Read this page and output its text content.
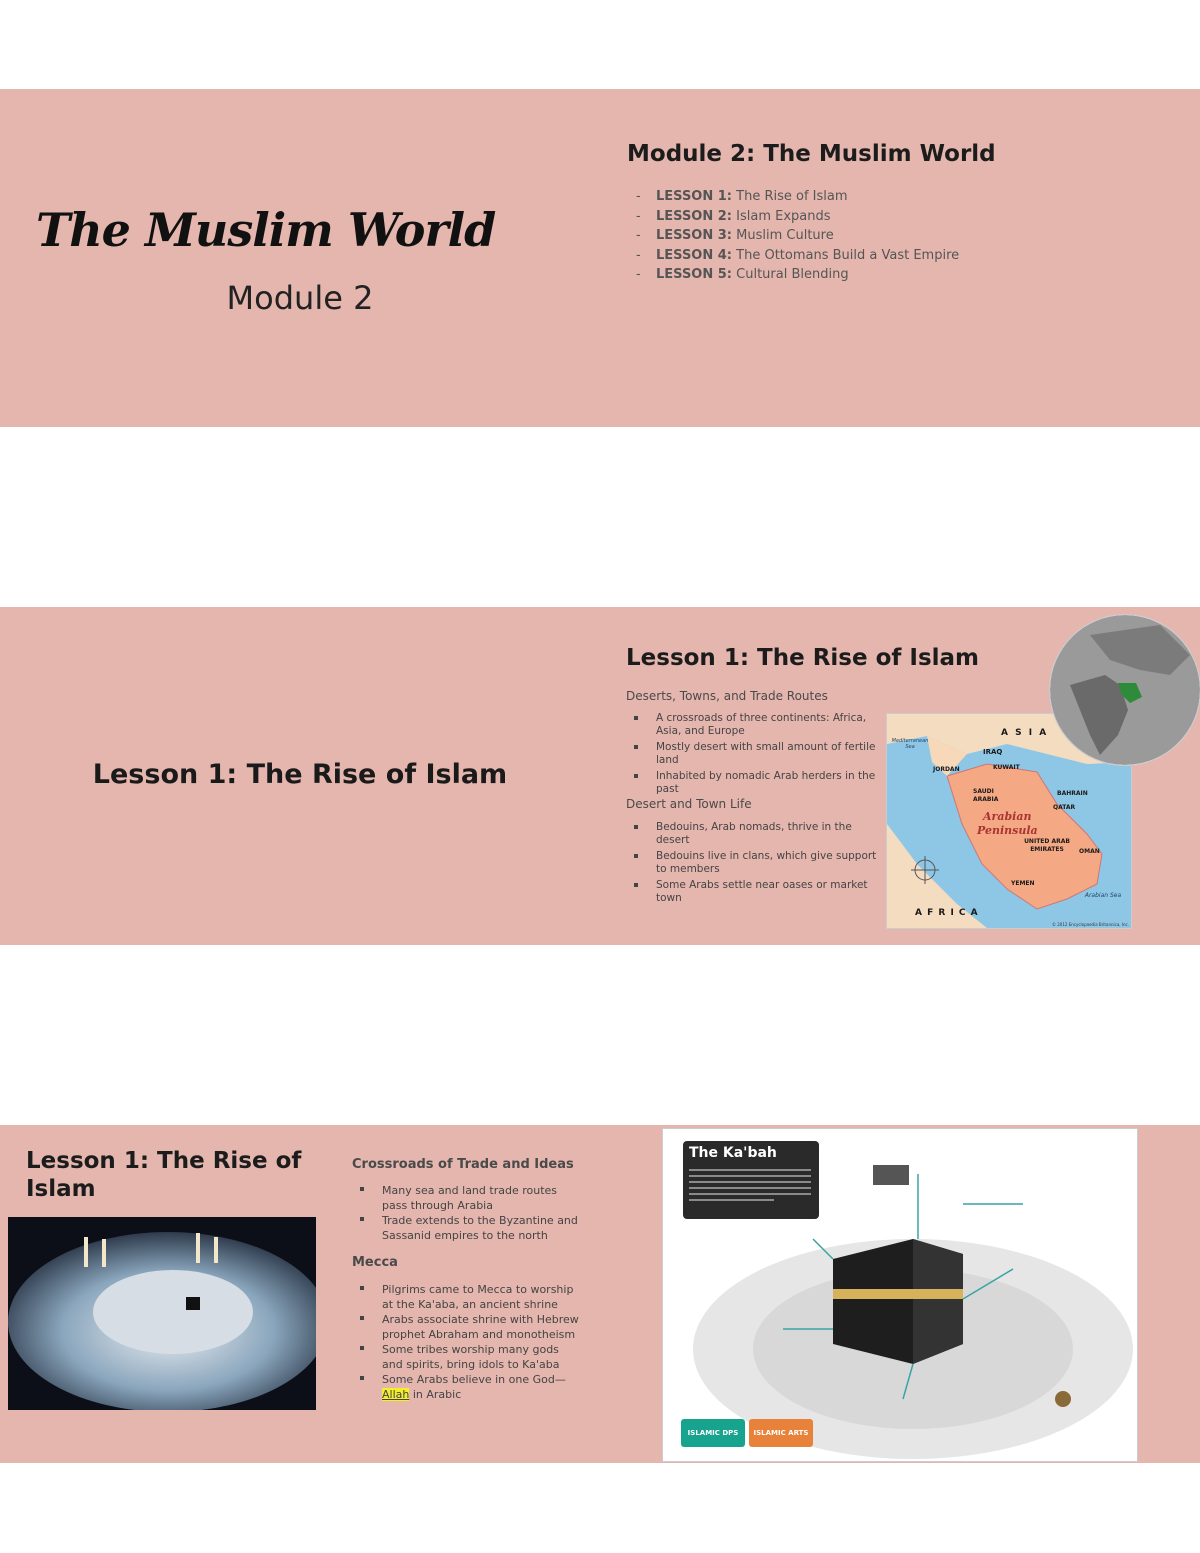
The Muslim World
Module 2
Module 2: The Muslim World
- LESSON 1: The Rise of Islam
- LESSON 2: Islam Expands
- LESSON 3: Muslim Culture
- LESSON 4: The Ottomans Build a Vast Empire
- LESSON 5: Cultural Blending
Lesson 1: The Rise of Islam
Lesson 1: The Rise of Islam
Deserts, Towns, and Trade Routes
A crossroads of three continents: Africa, Asia, and Europe
Mostly desert with small amount of fertile land
Inhabited by nomadic Arab herders in the past
Desert and Town Life
Bedouins, Arab nomads, thrive in the desert
Bedouins live in clans, which give support to members
Some Arabs settle near oases or market town
A S I A
IRAQ
KUWAIT
JORDAN
SAUDI ARABIA
BAHRAIN
QATAR
Arabian
Peninsula
UNITED ARAB EMIRATES	OMAN
YEMEN
A F R I C A
Arabian Sea
Mediterranean Sea
© 2012 Encyclopaedia Britannica, Inc.
Lesson 1: The Rise of Islam
Crossroads of Trade and Ideas
Many sea and land trade routes pass through Arabia
Trade extends to the Byzantine and Sassanid empires to the north
Mecca
Pilgrims came to Mecca to worship at the Ka'aba, an ancient shrine
Arabs associate shrine with Hebrew prophet Abraham and monotheism
Some tribes worship many gods and spirits, bring idols to Ka'aba
Some Arabs believe in one God—Allah in Arabic
The Ka'bah
ISLAMIC DPS	ISLAMIC ARTS
